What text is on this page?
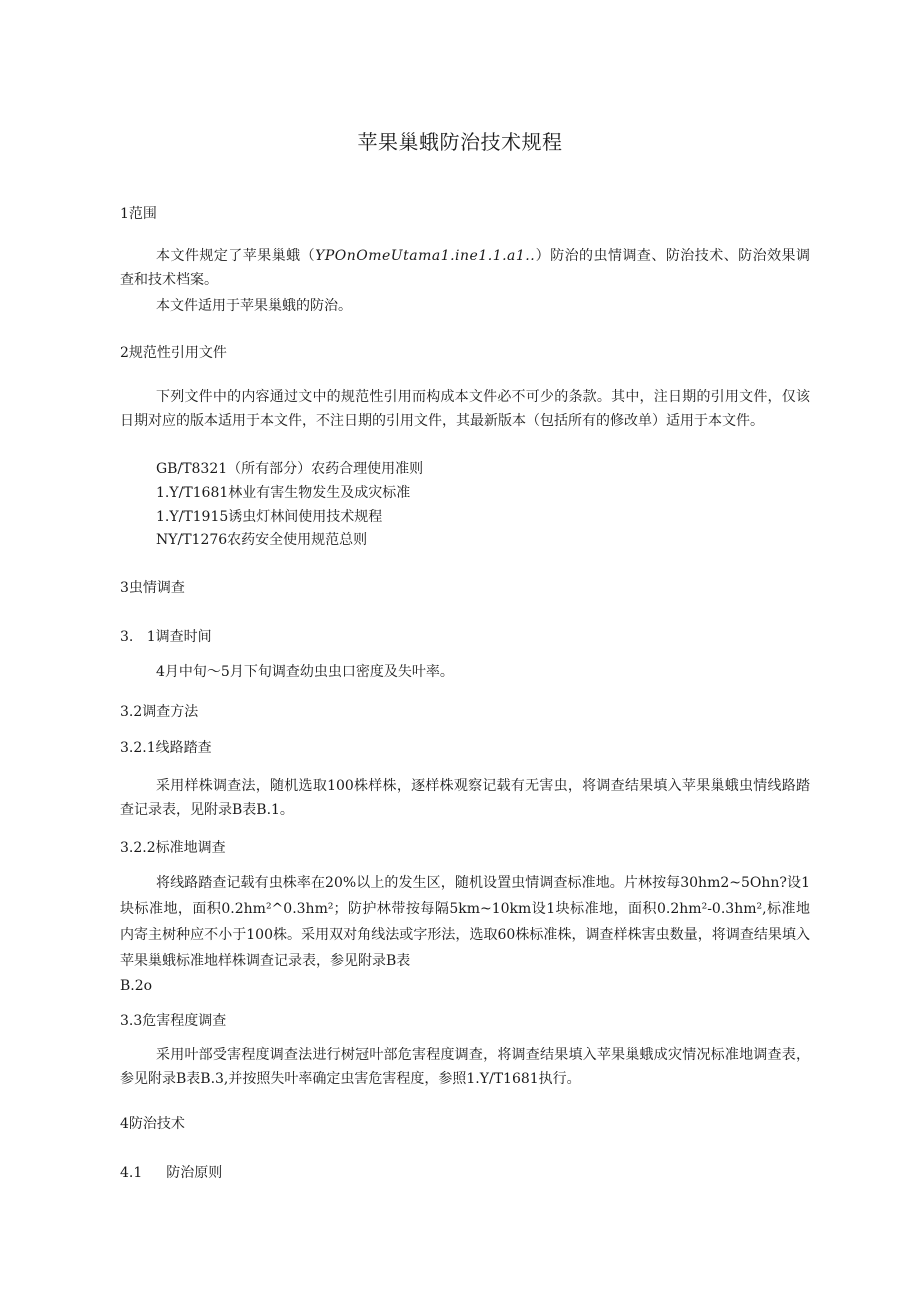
苹果巢蛾防治技术规程
1范围
本文件规定了苹果巢蛾（YPOnOmeUtama1.ine1.1.a1..）防治的虫情调查、防治技术、防治效果调查和技术档案。
本文件适用于苹果巢蛾的防治。
2规范性引用文件
下列文件中的内容通过文中的规范性引用而构成本文件必不可少的条款。其中，注日期的引用文件，仅该日期对应的版本适用于本文件，不注日期的引用文件，其最新版本（包括所有的修改单）适用于本文件。
GB/T8321（所有部分）农药合理使用准则
1.Y/T1681林业有害生物发生及成灾标准
1.Y/T1915诱虫灯林间使用技术规程
NY/T1276农药安全使用规范总则
3虫情调查
3.   1调查时间
4月中旬～5月下旬调查幼虫虫口密度及失叶率。
3.2调查方法
3.2.1线路踏查
采用样株调查法，随机选取100株样株，逐样株观察记载有无害虫，将调查结果填入苹果巢蛾虫情线路踏查记录表，见附录B表B.1。
3.2.2标准地调查
将线路踏查记载有虫株率在20%以上的发生区，随机设置虫情调查标准地。片林按每30hm2~5Ohn?设1块标准地，面积0.2hm²^0.3hm²；防护林带按每隔5km~10km设1块标准地，面积0.2hm²-0.3hm²,标准地内寄主树种应不小于100株。采用双对角线法或字形法，选取60株标准株，调查样株害虫数量，将调查结果填入苹果巢蛾标准地样株调查记录表，参见附录B表
B.2o
3.3危害程度调查
采用叶部受害程度调查法进行树冠叶部危害程度调查，将调查结果填入苹果巢蛾成灾情况标准地调查表，参见附录B表B.3,并按照失叶率确定虫害危害程度，参照1.Y/T1681执行。
4防治技术
4.1 防治原则
